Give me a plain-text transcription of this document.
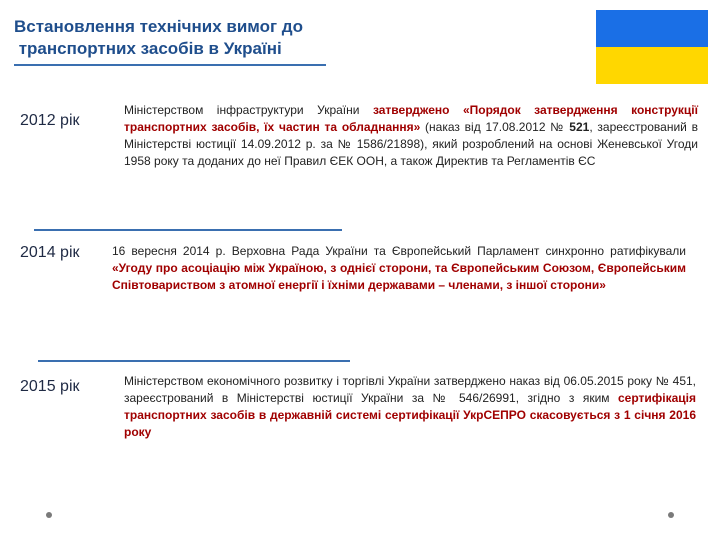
Встановлення технічних вимог до
транспортних засобів в Україні
2012 рік
Міністерством інфраструктури України затверджено «Порядок затвердження конструкції транспортних засобів, їх частин та обладнання» (наказ від 17.08.2012 № 521, зареєстрований в Міністерстві юстиції 14.09.2012 р. за № 1586/21898), який розроблений на основі Женевської Угоди 1958 року та доданих до неї Правил ЄЕК ООН, а також Директив та Регламентів ЄС
2014 рік	16 вересня 2014 р. Верховна Рада України та Європейський Парламент синхронно ратифікували «Угоду про асоціацію між Україною, з однієї сторони, та Європейським Союзом, Європейським Співтовариством з атомної енергії і їхніми державами – членами, з іншої сторони»
2015 рік	Міністерством економічного розвитку і торгівлі України затверджено наказ від 06.05.2015 року № 451, зареєстрований в Міністерстві юстиції України за № 546/26991, згідно з яким сертифікація транспортних засобів в державній системі сертифікації УкрСЕПРО скасовується з 1 січня 2016 року
